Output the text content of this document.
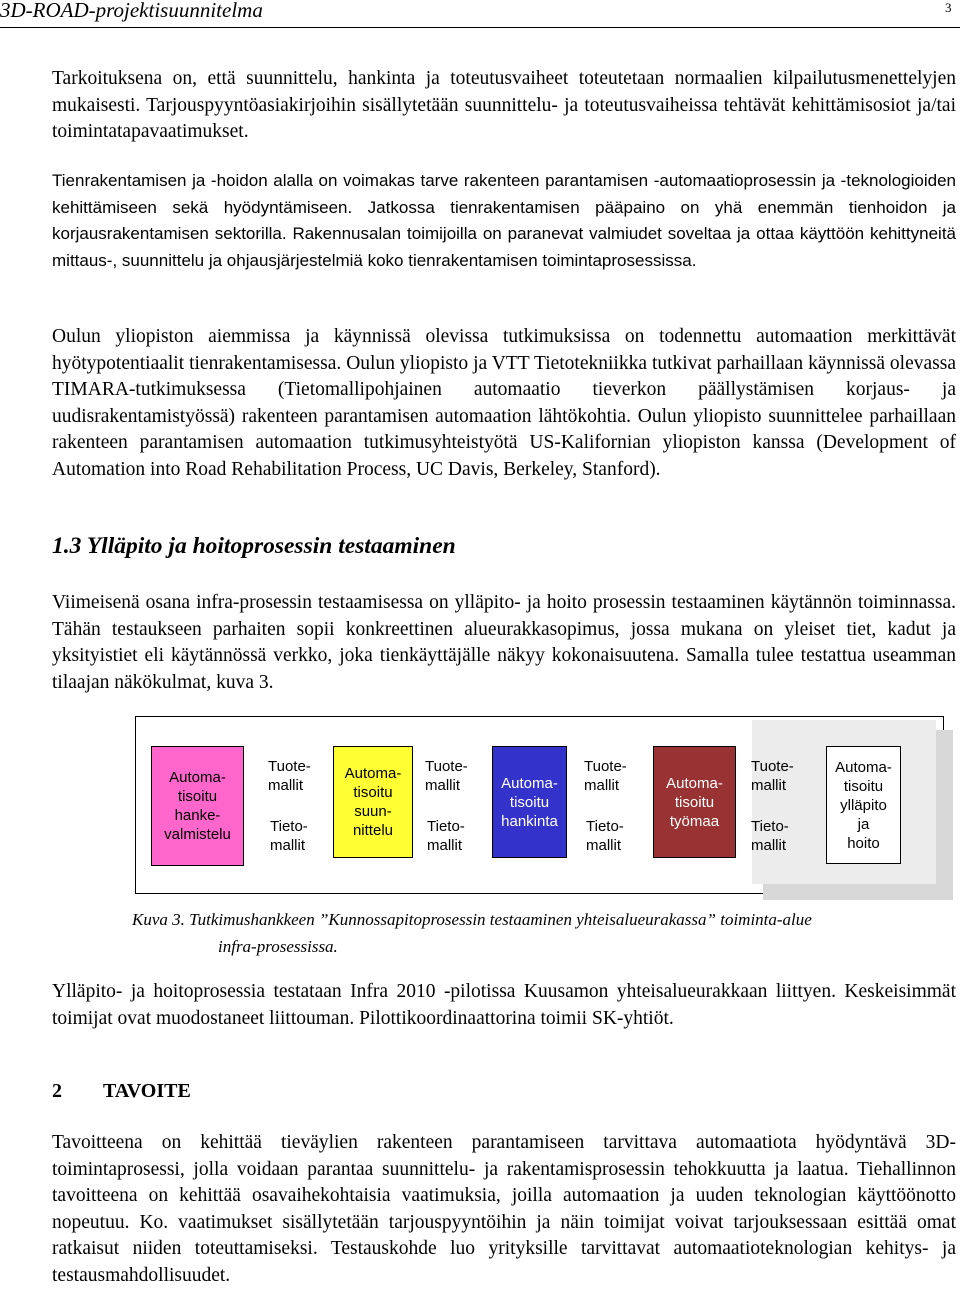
3D-ROAD-projektisuunnitelma	3
Tarkoituksena on, että suunnittelu, hankinta ja toteutusvaiheet toteutetaan normaalien kilpailutusmenettelyjen mukaisesti. Tarjouspyyntöasiakirjoihin sisällytetään suunnittelu- ja toteutusvaiheissa tehtävät kehittämisosiot ja/tai toimintatapavaatimukset.
Tienrakentamisen ja -hoidon alalla on voimakas tarve rakenteen parantamisen -automaatioprosessin ja -teknologioiden kehittämiseen sekä hyödyntämiseen. Jatkossa tienrakentamisen pääpaino on yhä enemmän tienhoidon ja korjausrakentamisen sektorilla. Rakennusalan toimijoilla on paranevat valmiudet soveltaa ja ottaa käyttöön kehittyneitä mittaus-, suunnittelu ja ohjausjärjestelmiä koko tienrakentamisen toimintaprosessissa.
Oulun yliopiston aiemmissa ja käynnissä olevissa tutkimuksissa on todennettu automaation merkittävät hyötypotentiaalit tienrakentamisessa. Oulun yliopisto ja VTT Tietotekniikka tutkivat parhaillaan käynnissä olevassa TIMARA-tutkimuksessa (Tietomallipohjainen automaatio tieverkon päällystämisen korjaus- ja uudisrakentamistyössä) rakenteen parantamisen automaation lähtökohtia. Oulun yliopisto suunnittelee parhaillaan rakenteen parantamisen automaation tutkimusyhteistyötä US-Kalifornian yliopiston kanssa (Development of Automation into Road Rehabilitation Process, UC Davis, Berkeley, Stanford).
1.3 Ylläpito ja hoitoprosessin testaaminen
Viimeisenä osana infra-prosessin testaamisessa on ylläpito- ja hoito prosessin testaaminen käytännön toiminnassa. Tähän testaukseen parhaiten sopii konkreettinen alueurakkasopimus, jossa mukana on yleiset tiet, kadut ja yksityistiet eli käytännössä verkko, joka tienkäyttäjälle näkyy kokonaisuutena. Samalla tulee testattua useamman tilaajan näkökulmat, kuva 3.
Automa-
tisoitu
hanke-
valmistelu
Tuote-
mallit
Tieto-
mallit
Automa-
tisoitu
suun-
nittelu
Tuote-
mallit
Tieto-
mallit
Automa-
tisoitu
hankinta
Tuote-
mallit
Tieto-
mallit
Automa-
tisoitu
työmaa
Tuote-
mallit
Tieto-
mallit
Automa-
tisoitu
ylläpito
ja
hoito
Kuva 3. Tutkimushankkeen ”Kunnossapitoprosessin testaaminen yhteisalueurakassa” toiminta-alue
infra-prosessissa.
Ylläpito- ja hoitoprosessia testataan Infra 2010 -pilotissa Kuusamon yhteisalueurakkaan liittyen. Keskeisimmät toimijat ovat muodostaneet liittouman. Pilottikoordinaattorina toimii SK-yhtiöt.
2 TAVOITE
Tavoitteena on kehittää tieväylien rakenteen parantamiseen tarvittava automaatiota hyödyntävä 3D-toimintaprosessi, jolla voidaan parantaa suunnittelu- ja rakentamisprosessin tehokkuutta ja laatua. Tiehallinnon tavoitteena on kehittää osavaihekohtaisia vaatimuksia, joilla automaation ja uuden teknologian käyttöönotto nopeutuu. Ko. vaatimukset sisällytetään tarjouspyyntöihin ja näin toimijat voivat tarjouksessaan esittää omat ratkaisut niiden toteuttamiseksi. Testauskohde luo yrityksille tarvittavat automaatioteknologian kehitys- ja testausmahdollisuudet.
